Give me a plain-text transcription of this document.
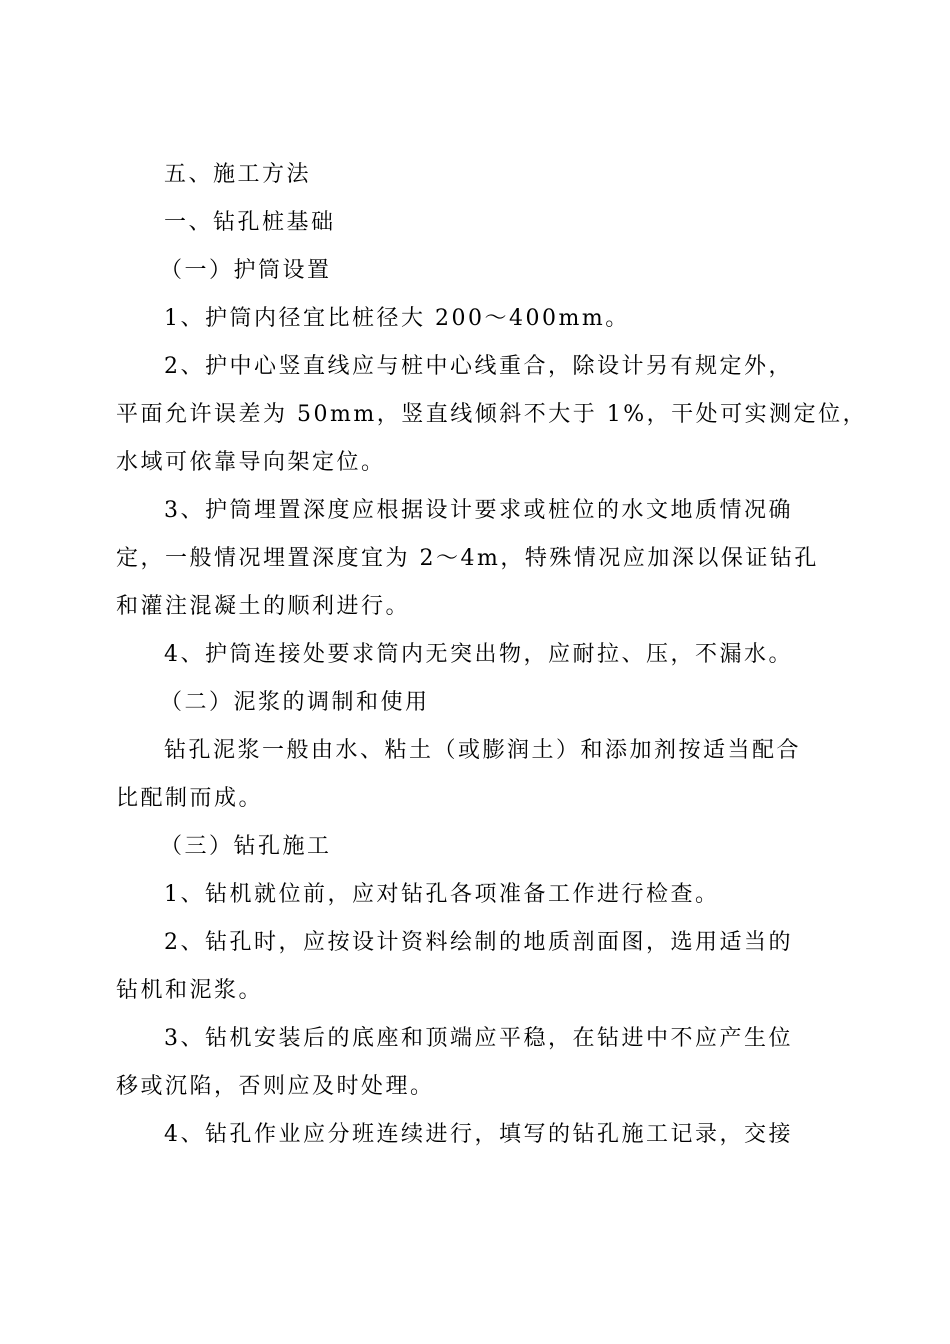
五、施工方法
一、钻孔桩基础
（一）护筒设置
1、护筒内径宜比桩径大 200～400mm。
2、护中心竖直线应与桩中心线重合，除设计另有规定外，
平面允许误差为 50mm，竖直线倾斜不大于 1%，干处可实测定位，
水域可依靠导向架定位。
3、护筒埋置深度应根据设计要求或桩位的水文地质情况确
定，一般情况埋置深度宜为 2～4m，特殊情况应加深以保证钻孔
和灌注混凝土的顺利进行。
4、护筒连接处要求筒内无突出物，应耐拉、压，不漏水。
（二）泥浆的调制和使用
钻孔泥浆一般由水、粘土（或膨润土）和添加剂按适当配合
比配制而成。
（三）钻孔施工
1、钻机就位前，应对钻孔各项准备工作进行检查。
2、钻孔时，应按设计资料绘制的地质剖面图，选用适当的
钻机和泥浆。
3、钻机安装后的底座和顶端应平稳，在钻进中不应产生位
移或沉陷，否则应及时处理。
4、钻孔作业应分班连续进行，填写的钻孔施工记录，交接
